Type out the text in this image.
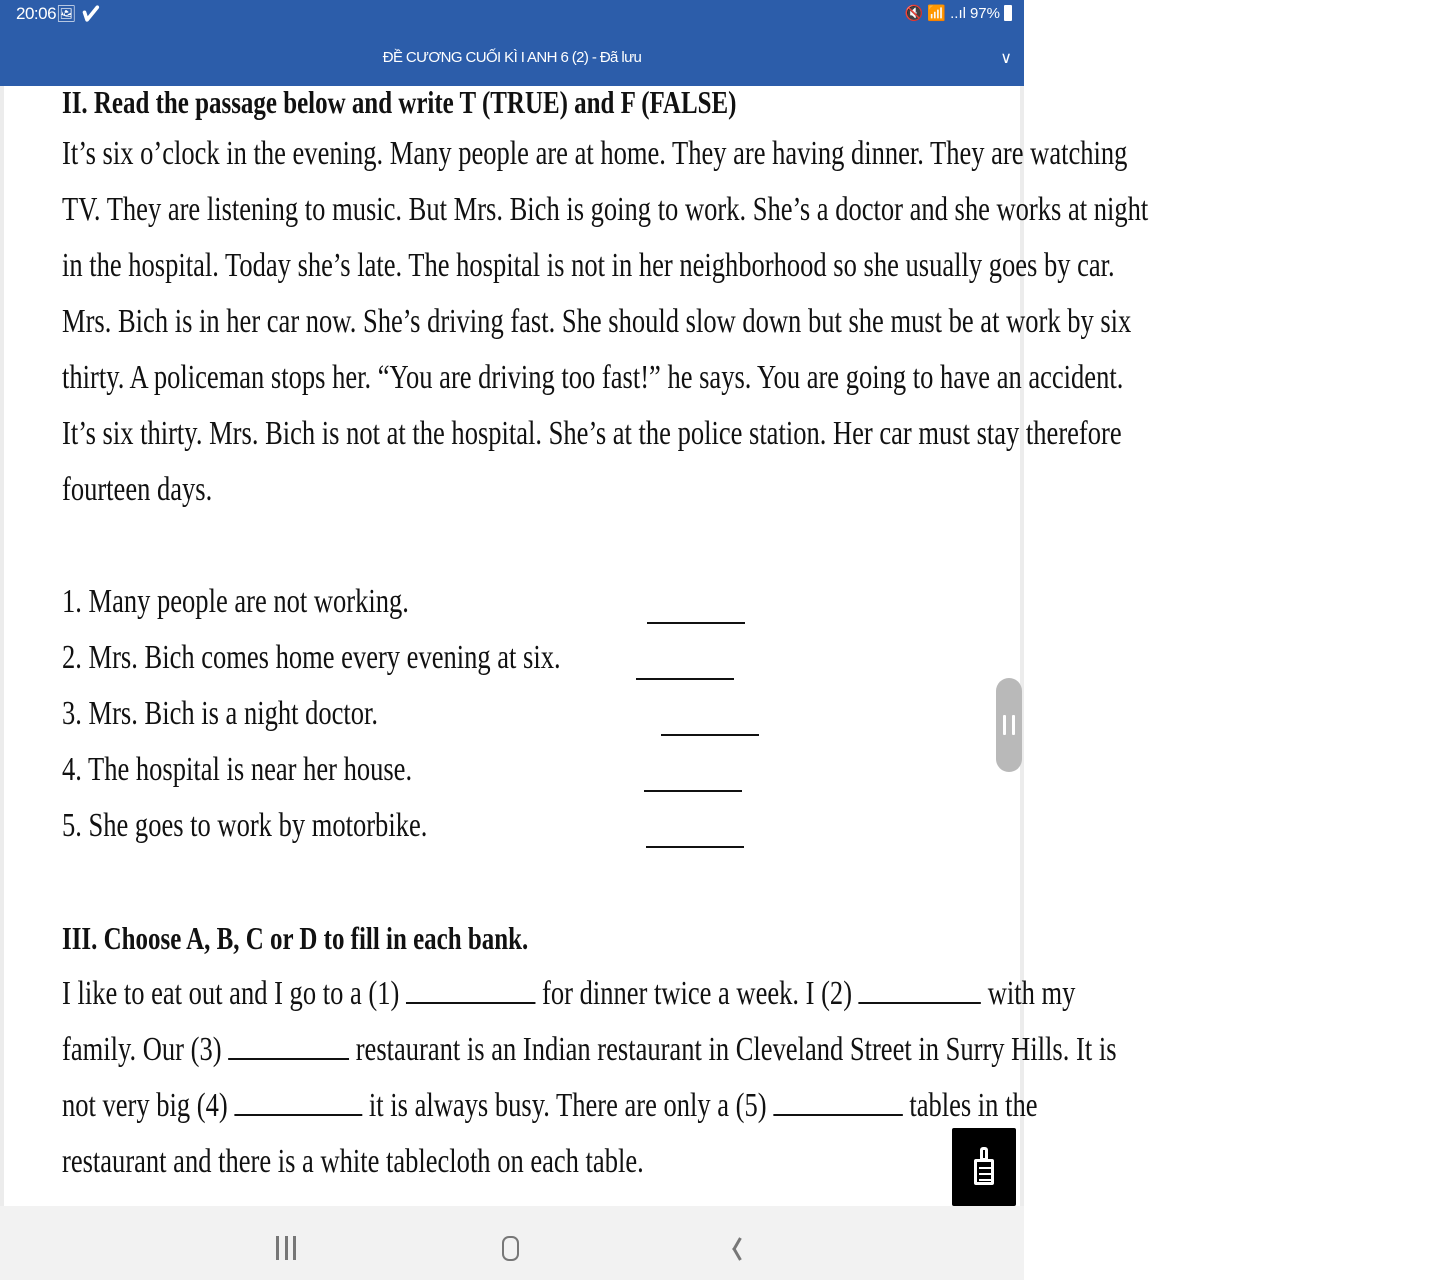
20:06 🖼 ✔	🔇 📶 ..ıl 97%
ĐỀ CƯƠNG CUỐI KÌ I ANH 6 (2) - Đã lưu	∨
II. Read the passage below and write T (TRUE) and F (FALSE)
It’s six o’clock in the evening. Many people are at home. They are having dinner. They are watching
TV. They are listening to music. But Mrs. Bich is going to work. She’s a doctor and she works at night
in the hospital. Today she’s late. The hospital is not in her neighborhood so she usually goes by car.
Mrs. Bich is in her car now. She’s driving fast. She should slow down but she must be at work by six
thirty. A policeman stops her. “You are driving too fast!” he says. You are going to have an accident.
It’s six thirty. Mrs. Bich is not at the hospital. She’s at the police station. Her car must stay therefore
fourteen days.
1. Many people are not working.
2. Mrs. Bich comes home every evening at six.
3. Mrs. Bich is a night doctor.
4. The hospital is near her house.
5. She goes to work by motorbike.
III. Choose A, B, C or D to fill in each bank.
I like to eat out and I go to a (1)	for dinner twice a week. I (2)	with my
family. Our (3)	restaurant is an Indian restaurant in Cleveland Street in Surry Hills. It is
not very big (4)	it is always busy. There are only a (5)	tables in the
restaurant and there is a white tablecloth on each table.
